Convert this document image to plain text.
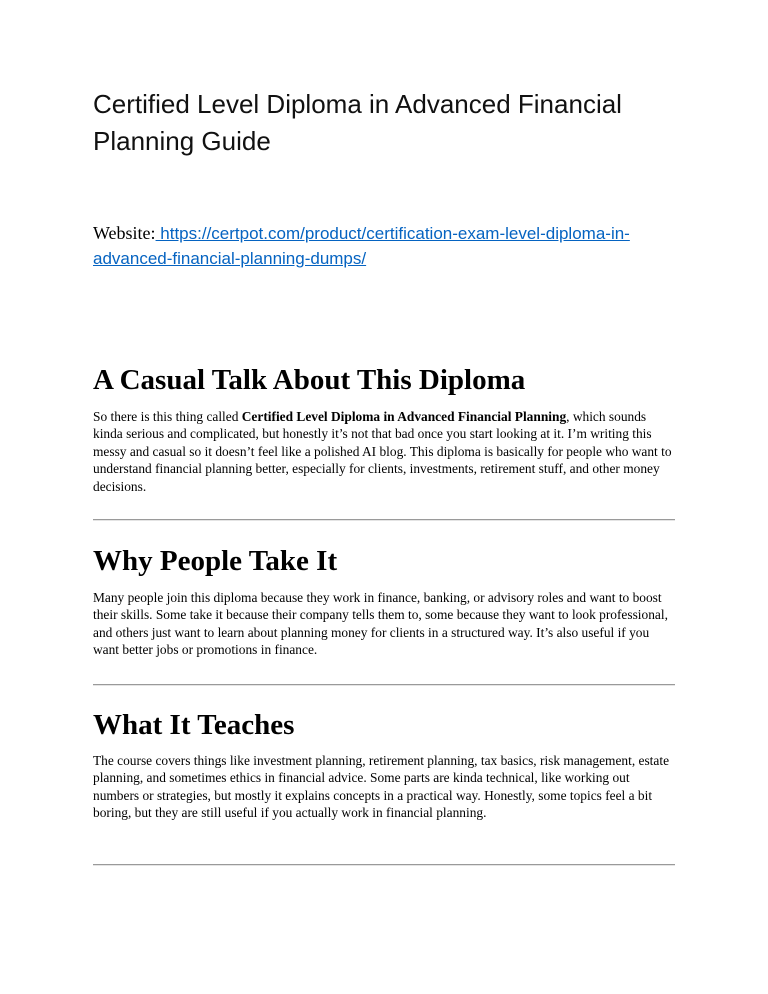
Certified Level Diploma in Advanced Financial Planning Guide

Website: https://certpot.com/product/certification-exam-level-diploma-in-advanced-financial-planning-dumps/

A Casual Talk About This Diploma

So there is this thing called Certified Level Diploma in Advanced Financial Planning, which sounds kinda serious and complicated, but honestly it’s not that bad once you start looking at it. I’m writing this messy and casual so it doesn’t feel like a polished AI blog. This diploma is basically for people who want to understand financial planning better, especially for clients, investments, retirement stuff, and other money decisions.

Why People Take It

Many people join this diploma because they work in finance, banking, or advisory roles and want to boost their skills. Some take it because their company tells them to, some because they want to look professional, and others just want to learn about planning money for clients in a structured way. It’s also useful if you want better jobs or promotions in finance.

What It Teaches

The course covers things like investment planning, retirement planning, tax basics, risk management, estate planning, and sometimes ethics in financial advice. Some parts are kinda technical, like working out numbers or strategies, but mostly it explains concepts in a practical way. Honestly, some topics feel a bit boring, but they are still useful if you actually work in financial planning.
